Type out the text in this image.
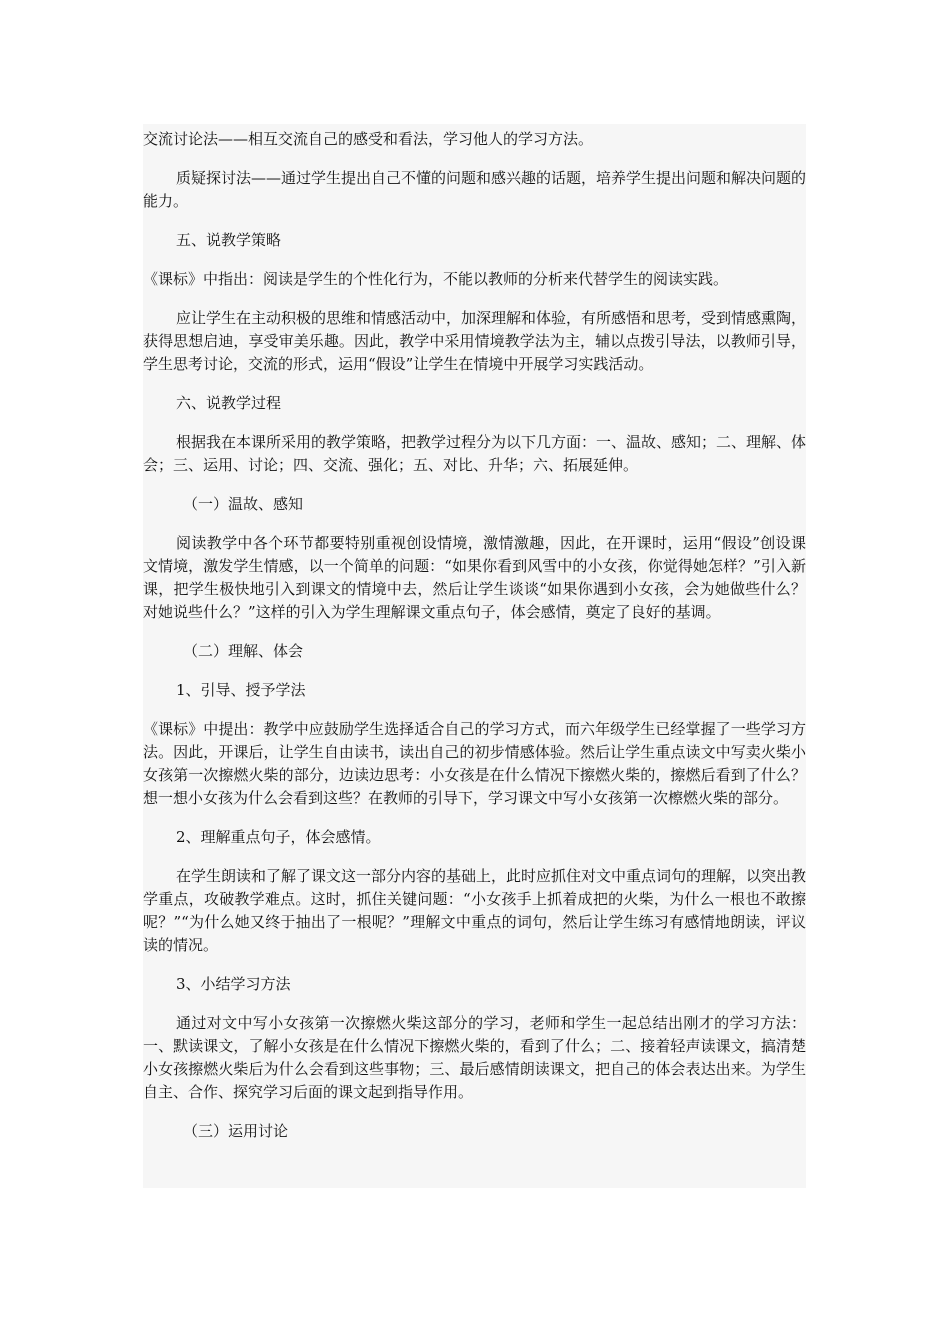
交流讨论法——相互交流自己的感受和看法，学习他人的学习方法。

质疑探讨法——通过学生提出自己不懂的问题和感兴趣的话题，培养学生提出问题和解决问题的能力。

五、说教学策略

《课标》中指出：阅读是学生的个性化行为，不能以教师的分析来代替学生的阅读实践。

应让学生在主动积极的思维和情感活动中，加深理解和体验，有所感悟和思考，受到情感熏陶，获得思想启迪，享受审美乐趣。因此，教学中采用情境教学法为主，辅以点拨引导法，以教师引导，学生思考讨论，交流的形式，运用“假设”让学生在情境中开展学习实践活动。

六、说教学过程

根据我在本课所采用的教学策略，把教学过程分为以下几方面：一、温故、感知；二、理解、体会；三、运用、讨论；四、交流、强化；五、对比、升华；六、拓展延伸。

（一）温故、感知

阅读教学中各个环节都要特别重视创设情境，激情激趣，因此，在开课时，运用“假设”创设课文情境，激发学生情感，以一个简单的问题：“如果你看到风雪中的小女孩，你觉得她怎样？”引入新课，把学生极快地引入到课文的情境中去，然后让学生谈谈“如果你遇到小女孩，会为她做些什么？对她说些什么？”这样的引入为学生理解课文重点句子，体会感情，奠定了良好的基调。

（二）理解、体会

1、引导、授予学法

《课标》中提出：教学中应鼓励学生选择适合自己的学习方式，而六年级学生已经掌握了一些学习方法。因此，开课后，让学生自由读书，读出自己的初步情感体验。然后让学生重点读文中写卖火柴小女孩第一次擦燃火柴的部分，边读边思考：小女孩是在什么情况下擦燃火柴的，擦燃后看到了什么？想一想小女孩为什么会看到这些？在教师的引导下，学习课文中写小女孩第一次檫燃火柴的部分。

2、理解重点句子，体会感情。

在学生朗读和了解了课文这一部分内容的基础上，此时应抓住对文中重点词句的理解，以突出教学重点，攻破教学难点。这时，抓住关键问题：“小女孩手上抓着成把的火柴，为什么一根也不敢擦呢？”“为什么她又终于抽出了一根呢？”理解文中重点的词句，然后让学生练习有感情地朗读，评议读的情况。

3、小结学习方法

通过对文中写小女孩第一次擦燃火柴这部分的学习，老师和学生一起总结出刚才的学习方法：一、默读课文，了解小女孩是在什么情况下擦燃火柴的，看到了什么；二、接着轻声读课文，搞清楚小女孩擦燃火柴后为什么会看到这些事物；三、最后感情朗读课文，把自己的体会表达出来。为学生自主、合作、探究学习后面的课文起到指导作用。

（三）运用讨论
